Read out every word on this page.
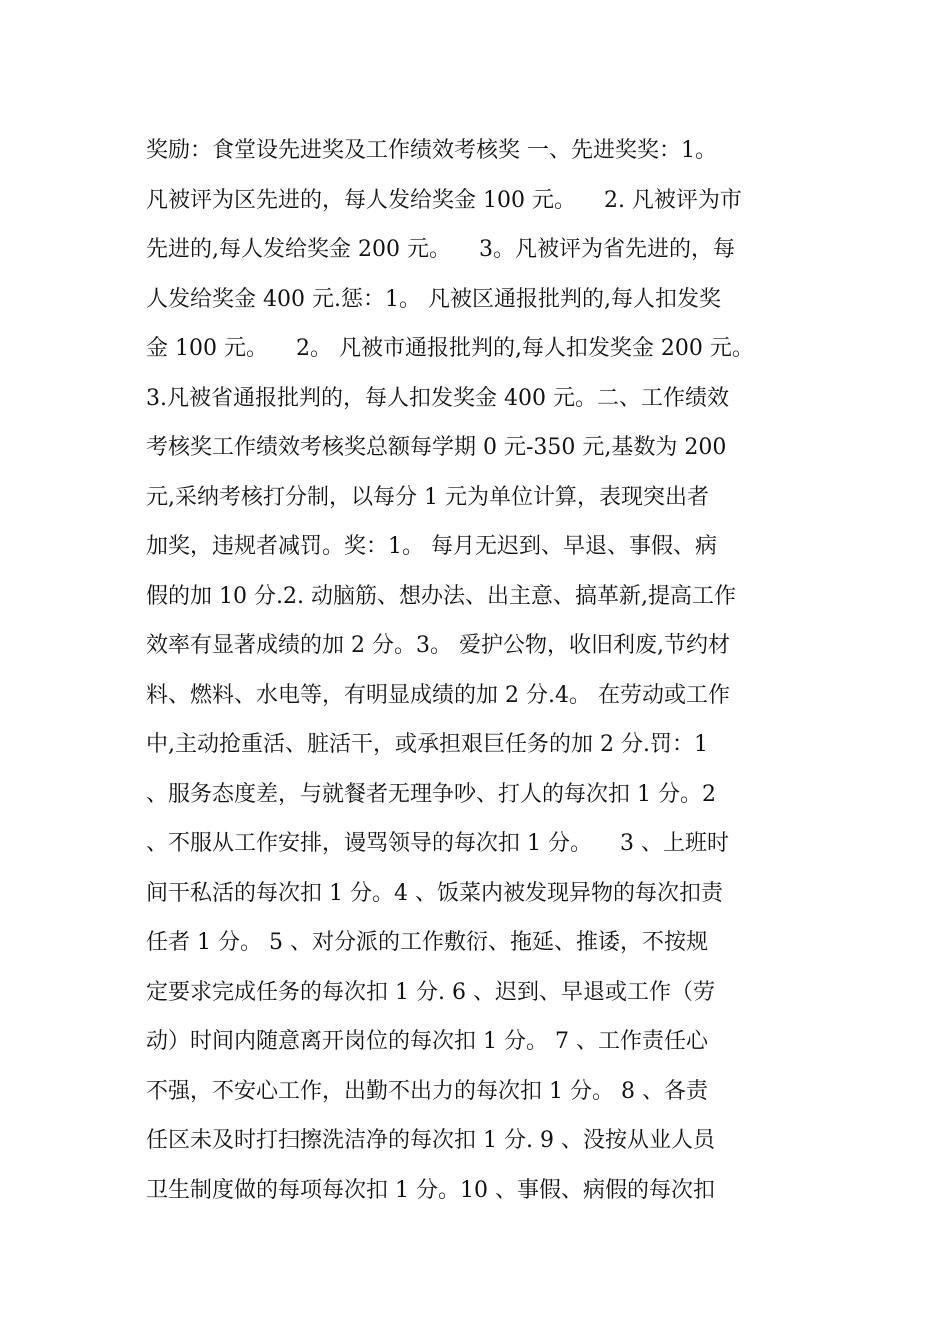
奖励：食堂设先进奖及工作绩效考核奖 一、先进奖奖：1。
凡被评为区先进的，每人发给奖金 100 元。    2. 凡被评为市
先进的,每人发给奖金 200 元。    3。凡被评为省先进的，每
人发给奖金 400 元.惩：1。 凡被区通报批判的,每人扣发奖
金 100 元。    2。 凡被市通报批判的,每人扣发奖金 200 元。
3.凡被省通报批判的，每人扣发奖金 400 元。二、工作绩效
考核奖工作绩效考核奖总额每学期 0 元-350 元,基数为 200
元,采纳考核打分制，以每分 1 元为单位计算，表现突出者
加奖，违规者减罚。奖：1。 每月无迟到、早退、事假、病
假的加 10 分.2. 动脑筋、想办法、出主意、搞革新,提高工作
效率有显著成绩的加 2 分。3。 爱护公物，收旧利废,节约材
料、燃料、水电等，有明显成绩的加 2 分.4。 在劳动或工作
中,主动抢重活、脏活干，或承担艰巨任务的加 2 分.罚：1
、服务态度差，与就餐者无理争吵、打人的每次扣 1 分。2
、不服从工作安排，谩骂领导的每次扣 1 分。    3 、上班时
间干私活的每次扣 1 分。4 、饭菜内被发现异物的每次扣责
任者 1 分。 5 、对分派的工作敷衍、拖延、推诿，不按规
定要求完成任务的每次扣 1 分. 6 、迟到、早退或工作（劳
动）时间内随意离开岗位的每次扣 1 分。 7 、工作责任心
不强，不安心工作，出勤不出力的每次扣 1 分。 8 、各责
任区未及时打扫擦洗洁净的每次扣 1 分. 9 、没按从业人员
卫生制度做的每项每次扣 1 分。10 、事假、病假的每次扣
